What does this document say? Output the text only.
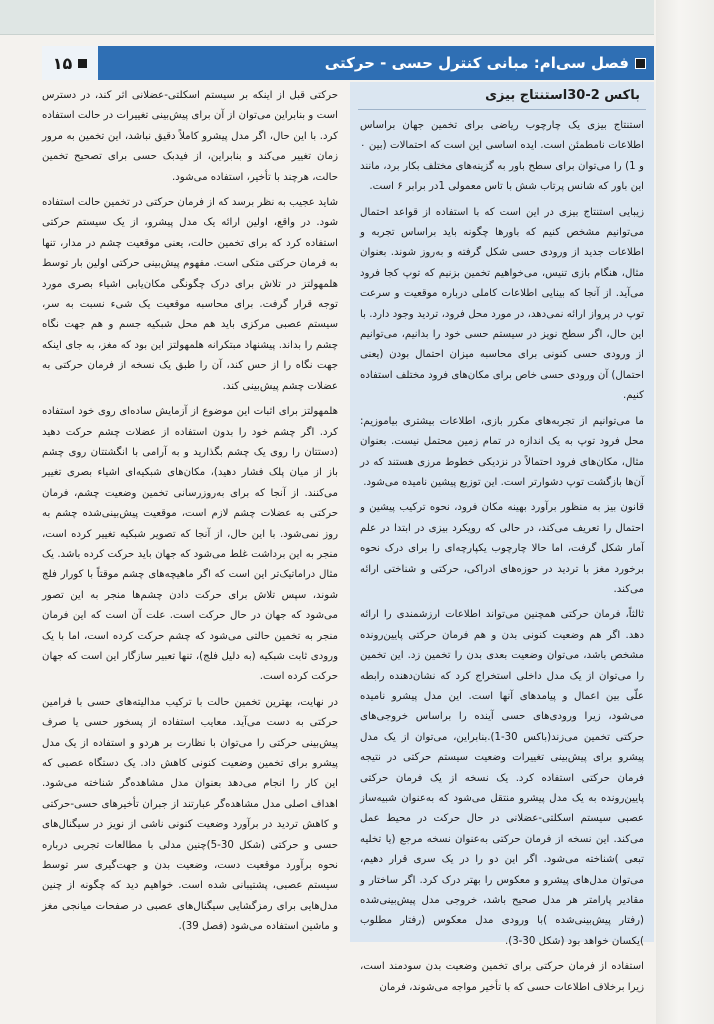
فصل سی‌ام: مبانی کنترل حسی - حرکتی
۱۵
باکس 2-30استنتاج بیزی

استنتاج بیزی یک چارچوب ریاضی برای تخمین جهان براساس اطلاعات نامطمئن است. ایده اساسی این است که احتمالات (بین ۰ و 1) را می‌توان برای سطح باور به گزینه‌های مختلف بکار برد، مانند این باور که شانس پرتاب شش با تاس معمولی 1در برابر ۶ است.

زیبایی استنتاج بیزی در این است که با استفاده از قواعد احتمال می‌توانیم مشخص کنیم که باورها چگونه باید براساس تجربه و اطلاعات جدید از ورودی حسی شکل گرفته و به‌روز شوند. بعنوان مثال، هنگام بازی تنیس، می‌خواهیم تخمین بزنیم که توپ کجا فرود می‌آید. از آنجا که بینایی اطلاعات کاملی درباره موقعیت و سرعت توپ در پرواز ارائه نمی‌دهد، در مورد محل فرود، تردید وجود دارد. با این حال، اگر سطح نویز در سیستم حسی خود را بدانیم، می‌توانیم از ورودی حسی کنونی برای محاسبه میزان احتمال بودن (یعنی احتمال) آن ورودی حسی خاص برای مکان‌های فرود مختلف استفاده کنیم.

ما می‌توانیم از تجربه‌های مکرر بازی، اطلاعات بیشتری بیاموزیم: محل فرود توپ به یک اندازه در تمام زمین محتمل نیست. بعنوان مثال، مکان‌های فرود احتمالاً در نزدیکی خطوط مرزی هستند که در آن‌ها بازگشت توپ دشوارتر است. این توزیع پیشین نامیده می‌شود.

قانون بیز به منظور برآورد بهینه مکان فرود، نحوه ترکیب پیشین و احتمال را تعریف می‌کند، در حالی که رویکرد بیزی در ابتدا در علم آمار شکل گرفت، اما حالا چارچوب یکپارچه‌ای را برای درک نحوه برخورد مغز با تردید در حوزه‌های ادراکی، حرکتی و شناختی ارائه می‌کند.

ثالثاً، فرمان حرکتی همچنین می‌تواند اطلاعات ارزشمندی را ارائه دهد. اگر هم وضعیت کنونی بدن و هم فرمان حرکتی پایین‌رونده مشخص باشد، می‌توان وضعیت بعدی بدن را تخمین زد. این تخمین را می‌توان از یک مدل داخلی استخراج کرد که نشان‌دهنده رابطه علّی بین اعمال و پیامدهای آنها است. این مدل پیشرو نامیده می‌شود، زیرا ورودی‌های حسی آینده را براساس خروجی‌های حرکتی تخمین می‌زند(باکس 30-1).بنابراین، می‌توان از یک مدل پیشرو برای پیش‌بینی تغییرات وضعیت سیستم حرکتی در نتیجه فرمان حرکتی استفاده کرد. یک نسخه از یک فرمان حرکتی پایین‌رونده به یک مدل پیشرو منتقل می‌شود که به‌عنوان شبیه‌ساز عصبی سیستم اسکلتی-عضلانی در حال حرکت در محیط عمل می‌کند. این نسخه از فرمان حرکتی به‌عنوان نسخه مرجع (یا تخلیه تبعی )شناخته می‌شود. اگر این دو را در یک سری قرار دهیم، می‌توان مدل‌های پیشرو و معکوس را بهتر درک کرد. اگر ساختار و مقادیر پارامتر هر مدل صحیح باشد، خروجی مدل پیش‌بینی‌شده (رفتار پیش‌بینی‌شده )با ورودی مدل معکوس (رفتار مطلوب )یکسان خواهد بود (شکل 30-3).

استفاده از فرمان حرکتی برای تخمین وضعیت بدن سودمند است، زیرا برخلاف اطلاعات حسی که با تأخیر مواجه می‌شوند، فرمان

حرکتی قبل از اینکه بر سیستم اسکلتی-عضلانی اثر کند، در دسترس است و بنابراین می‌توان از آن برای پیش‌بینی تغییرات در حالت استفاده کرد. با این حال، اگر مدل پیشرو کاملاً دقیق نباشد، این تخمین به مرور زمان تغییر می‌کند و بنابراین، از فیدبک حسی برای تصحیح تخمین حالت، هرچند با تأخیر، استفاده می‌شود.

شاید عجیب به نظر برسد که از فرمان حرکتی در تخمین حالت استفاده شود. در واقع، اولین ارائه یک مدل پیشرو، از یک سیستم حرکتی استفاده کرد که برای تخمین حالت، یعنی موقعیت چشم در مدار، تنها به فرمان حرکتی متکی است. مفهوم پیش‌بینی حرکتی اولین بار توسط هلمهولتز در تلاش برای درک چگونگی مکان‌یابی اشیاء بصری مورد توجه قرار گرفت. برای محاسبه موقعیت یک شیء نسبت به سر، سیستم عصبی مرکزی باید هم محل شبکیه جسم و هم جهت نگاه چشم را بداند. پیشنهاد مبتکرانه هلمهولتز این بود که مغز، به جای اینکه جهت نگاه را از حس کند، آن را طبق یک نسخه از فرمان حرکتی به عضلات چشم پیش‌بینی کند.

هلمهولتز برای اثبات این موضوع از آزمایش ساده‌ای روی خود استفاده کرد. اگر چشم خود را بدون استفاده از عضلات چشم حرکت دهید (دستتان را روی یک چشم بگذارید و به آرامی با انگشتتان روی چشم باز از میان پلک فشار دهید)، مکان‌های شبکیه‌ای اشیاء بصری تغییر می‌کنند. از آنجا که برای به‌روزرسانی تخمین وضعیت چشم، فرمان حرکتی به عضلات چشم لازم است، موقعیت پیش‌بینی‌شده چشم به روز نمی‌شود. با این حال، از آنجا که تصویر شبکیه تغییر کرده است، منجر به این برداشت غلط می‌شود که جهان باید حرکت کرده باشد. یک مثال دراماتیک‌تر این است که اگر ماهیچه‌های چشم موقتاً با کورار فلج شوند، سپس تلاش برای حرکت دادن چشم‌ها منجر به این تصور می‌شود که جهان در حال حرکت است. علت آن است که این فرمان منجر به تخمین حالتی می‌شود که چشم حرکت کرده است، اما با یک ورودی ثابت شبکیه (به دلیل فلج)، تنها تعبیر سازگار این است که جهان حرکت کرده است.

در نهایت، بهترین تخمین حالت با ترکیب مدالیته‌های حسی با فرامین حرکتی به دست می‌آید. معایب استفاده از پسخور حسی یا صرف پیش‌بینی حرکتی را می‌توان با نظارت بر هردو و استفاده از یک مدل پیشرو برای تخمین وضعیت کنونی کاهش داد. یک دستگاه عصبی که این کار را انجام می‌دهد بعنوان مدل مشاهده‌گر شناخته می‌شود. اهداف اصلی مدل مشاهده‌گر عبارتند از جبران تأخیرهای حسی-حرکتی و کاهش تردید در برآورد وضعیت کنونی ناشی از نویز در سیگنال‌های حسی و حرکتی (شکل 30-5)چنین مدلی با مطالعات تجربی درباره نحوه برآورد موقعیت دست، وضعیت بدن و جهت‌گیری سر توسط سیستم عصبی، پشتیبانی شده است. خواهیم دید که چگونه از چنین مدل‌هایی برای رمزگشایی سیگنال‌های عصبی در صفحات میانجی مغز و ماشین استفاده می‌شود (فصل 39).
